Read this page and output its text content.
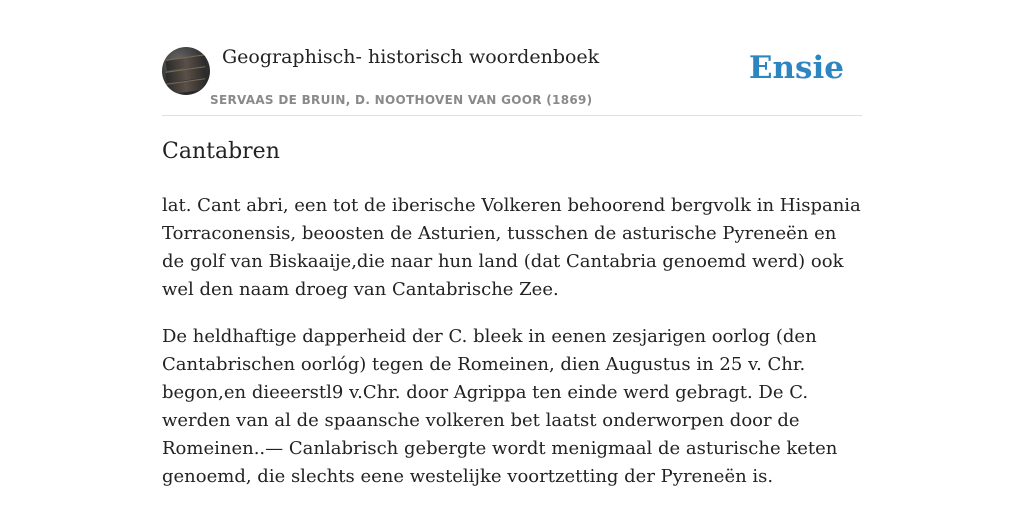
Geographisch- historisch woordenboek
SERVAAS DE BRUIN, D. NOOTHOVEN VAN GOOR (1869)
Ensie
Cantabren

lat. Cant abri, een tot de iberische Volkeren behoorend bergvolk in Hispania Torraconensis, beoosten de Asturien, tusschen de asturische Pyreneën en de golf van Biskaaije,die naar hun land (dat Cantabria genoemd werd) ook wel den naam droeg van Cantabrische Zee.

De heldhaftige dapperheid der C. bleek in eenen zesjarigen oorlog (den Cantabrischen oorlóg) tegen de Romeinen, dien Augustus in 25 v. Chr. begon,en dieeerstl9 v.Chr. door Agrippa ten einde werd gebragt. De C. werden van al de spaansche volkeren bet laatst onderworpen door de Romeinen..— Canlabrisch gebergte wordt menigmaal de asturische keten genoemd, die slechts eene westelijke voortzetting der Pyreneën is.
